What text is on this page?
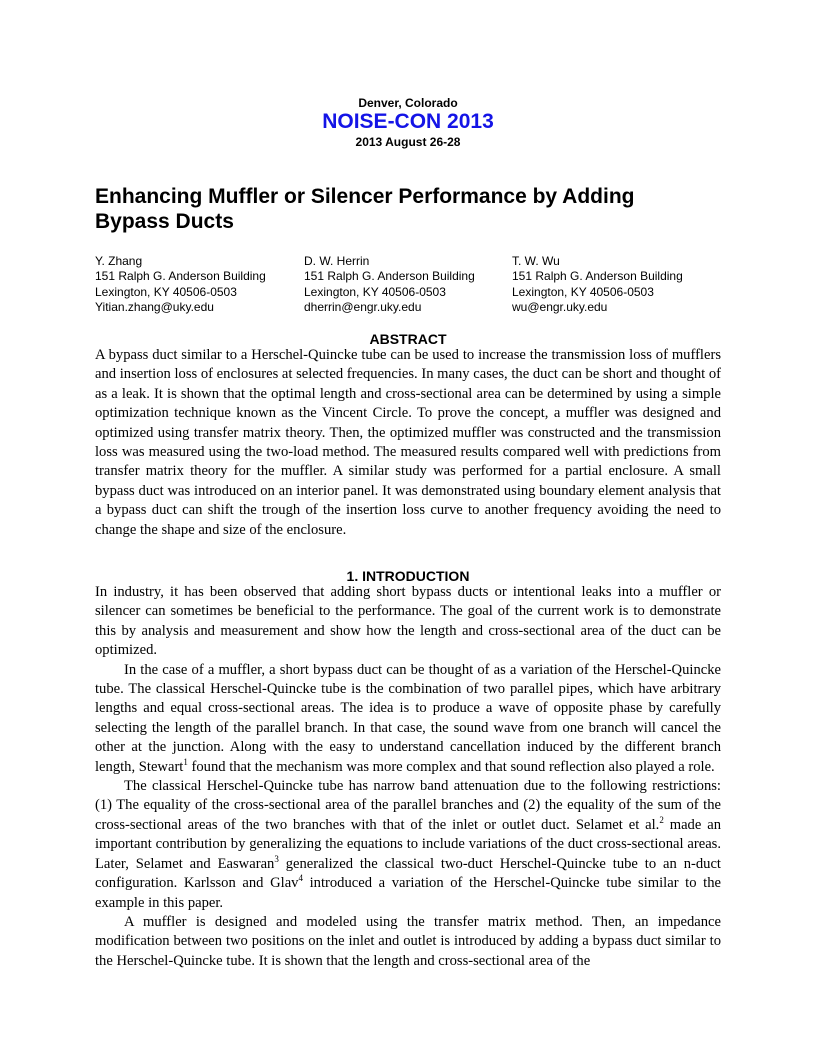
Denver, Colorado
NOISE-CON 2013
2013 August 26-28
Enhancing Muffler or Silencer Performance by Adding
Bypass Ducts
Y. Zhang
151 Ralph G. Anderson Building
Lexington, KY 40506-0503
Yitian.zhang@uky.edu
D. W. Herrin
151 Ralph G. Anderson Building
Lexington, KY 40506-0503
dherrin@engr.uky.edu
T. W. Wu
151 Ralph G. Anderson Building
Lexington, KY 40506-0503
wu@engr.uky.edu
ABSTRACT

A bypass duct similar to a Herschel-Quincke tube can be used to increase the transmission loss of mufflers and insertion loss of enclosures at selected frequencies. In many cases, the duct can be short and thought of as a leak. It is shown that the optimal length and cross-sectional area can be determined by using a simple optimization technique known as the Vincent Circle. To prove the concept, a muffler was designed and optimized using transfer matrix theory. Then, the optimized muffler was constructed and the transmission loss was measured using the two-load method. The measured results compared well with predictions from transfer matrix theory for the muffler. A similar study was performed for a partial enclosure. A small bypass duct was introduced on an interior panel. It was demonstrated using boundary element analysis that a bypass duct can shift the trough of the insertion loss curve to another frequency avoiding the need to change the shape and size of the enclosure.

1. INTRODUCTION

In industry, it has been observed that adding short bypass ducts or intentional leaks into a muffler or silencer can sometimes be beneficial to the performance. The goal of the current work is to demonstrate this by analysis and measurement and show how the length and cross-sectional area of the duct can be optimized.

In the case of a muffler, a short bypass duct can be thought of as a variation of the Herschel-Quincke tube. The classical Herschel-Quincke tube is the combination of two parallel pipes, which have arbitrary lengths and equal cross-sectional areas. The idea is to produce a wave of opposite phase by carefully selecting the length of the parallel branch. In that case, the sound wave from one branch will cancel the other at the junction. Along with the easy to understand cancellation induced by the different branch length, Stewart$^1$ found that the mechanism was more complex and that sound reflection also played a role.

The classical Herschel-Quincke tube has narrow band attenuation due to the following restrictions: (1) The equality of the cross-sectional area of the parallel branches and (2) the equality of the sum of the cross-sectional areas of the two branches with that of the inlet or outlet duct. Selamet et al.$^2$ made an important contribution by generalizing the equations to include variations of the duct cross-sectional areas. Later, Selamet and Easwaran$^3$ generalized the classical two-duct Herschel-Quincke tube to an n-duct configuration. Karlsson and Glav$^4$ introduced a variation of the Herschel-Quincke tube similar to the example in this paper.

A muffler is designed and modeled using the transfer matrix method. Then, an impedance modification between two positions on the inlet and outlet is introduced by adding a bypass duct similar to the Herschel-Quincke tube. It is shown that the length and cross-sectional area of the
